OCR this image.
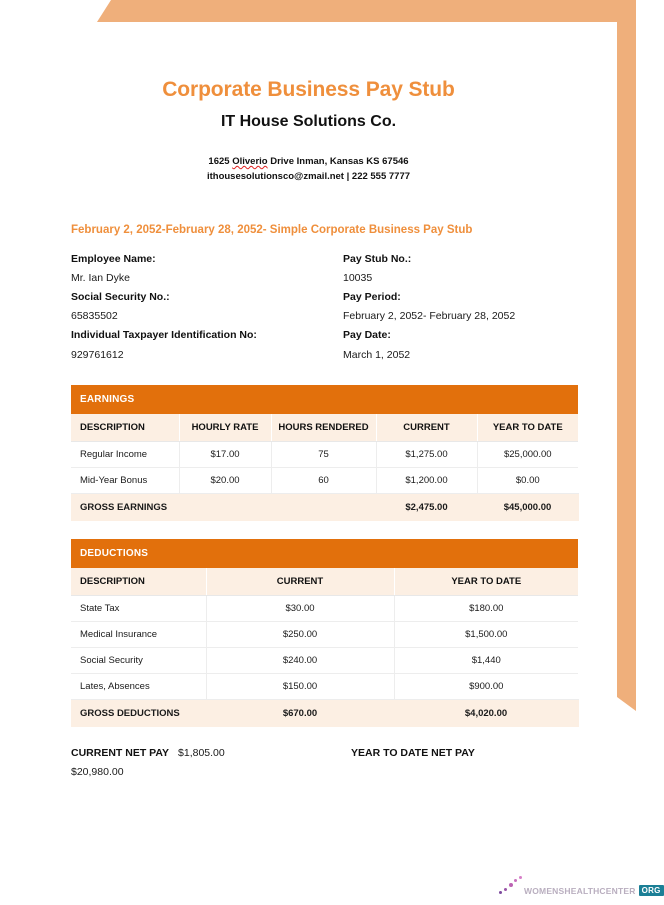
Corporate Business Pay Stub
IT House Solutions Co.

1625 Oliverio Drive Inman, Kansas KS 67546
ithousesolutionsco@zmail.net | 222 555 7777

February 2, 2052-February 28, 2052- Simple Corporate Business Pay Stub

Employee Name:
Mr. Ian Dyke
Social Security No.:
65835502
Individual Taxpayer Identification No:
929761612
Pay Stub No.:
10035
Pay Period:
February 2, 2052- February 28, 2052
Pay Date:
March 1, 2052
EARNINGS				
DESCRIPTION	HOURLY RATE	HOURS RENDERED	CURRENT	YEAR TO DATE
Regular Income	$17.00	75	$1,275.00	$25,000.00
Mid-Year Bonus	$20.00	60	$1,200.00	$0.00
GROSS EARNINGS			$2,475.00	$45,000.00
DEDUCTIONS		
DESCRIPTION	CURRENT	YEAR TO DATE
State Tax	$30.00	$180.00
Medical Insurance	$250.00	$1,500.00
Social Security	$240.00	$1,440
Lates, Absences	$150.00	$900.00
GROSS DEDUCTIONS	$670.00	$4,020.00
CURRENT NET PAY $1,805.00	YEAR TO DATE NET PAY
$20,980.00
WOMENSHEALTHCENTER ORG
